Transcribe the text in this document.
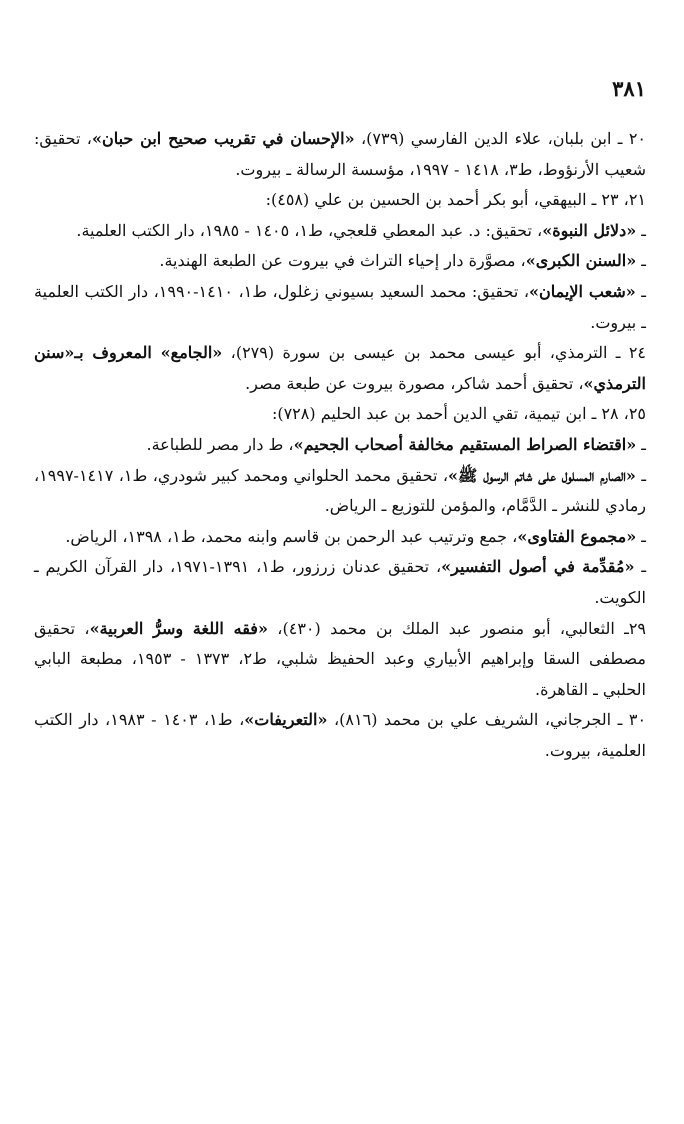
٣٨١

٢٠ ـ ابن بلبان، علاء الدين الفارسي (٧٣٩)، «الإحسان في تقريب صحيح ابن حبان»، تحقيق: شعيب الأرنؤوط، ط٣، ١٤١٨ - ١٩٩٧، مؤسسة الرسالة ـ بيروت.

٢١، ٢٣ ـ البيهقي، أبو بكر أحمد بن الحسين بن علي (٤٥٨):

ـ «دلائل النبوة»، تحقيق: د. عبد المعطي قلعجي، ط١، ١٤٠٥ - ١٩٨٥، دار الكتب العلمية.

ـ «السنن الكبرى»، مصوَّرة دار إحياء التراث في بيروت عن الطبعة الهندية.

ـ «شعب الإيمان»، تحقيق: محمد السعيد بسيوني زغلول، ط١، ١٤١٠-١٩٩٠، دار الكتب العلمية ـ بيروت.

٢٤ ـ الترمذي، أبو عيسى محمد بن عيسى بن سورة (٢٧٩)، «الجامع» المعروف بـ«سنن الترمذي»، تحقيق أحمد شاكر، مصورة بيروت عن طبعة مصر.

٢٥، ٢٨ ـ ابن تيمية، تقي الدين أحمد بن عبد الحليم (٧٢٨):

ـ «اقتضاء الصراط المستقيم مخالفة أصحاب الجحيم»، ط دار مصر للطباعة.

ـ «الصارم المسلول على شاتم الرسول ﷺ»، تحقيق محمد الحلواني ومحمد كبير شودري، ط١، ١٤١٧-١٩٩٧، رمادي للنشر ـ الدَّمَّام، والمؤمن للتوزيع ـ الرياض.

ـ «مجموع الفتاوى»، جمع وترتيب عبد الرحمن بن قاسم وابنه محمد، ط١، ١٣٩٨، الرياض.

ـ «مُقدِّمة في أصول التفسير»، تحقيق عدنان زرزور، ط١، ١٣٩١-١٩٧١، دار القرآن الكريم ـ الكويت.

٢٩ـ الثعالبي، أبو منصور عبد الملك بن محمد (٤٣٠)، «فقه اللغة وسرُّ العربية»، تحقيق مصطفى السقا وإبراهيم الأبياري وعبد الحفيظ شلبي، ط٢، ١٣٧٣ - ١٩٥٣، مطبعة البابي الحلبي ـ القاهرة.

٣٠ ـ الجرجاني، الشريف علي بن محمد (٨١٦)، «التعريفات»، ط١، ١٤٠٣ - ١٩٨٣، دار الكتب العلمية، بيروت.
